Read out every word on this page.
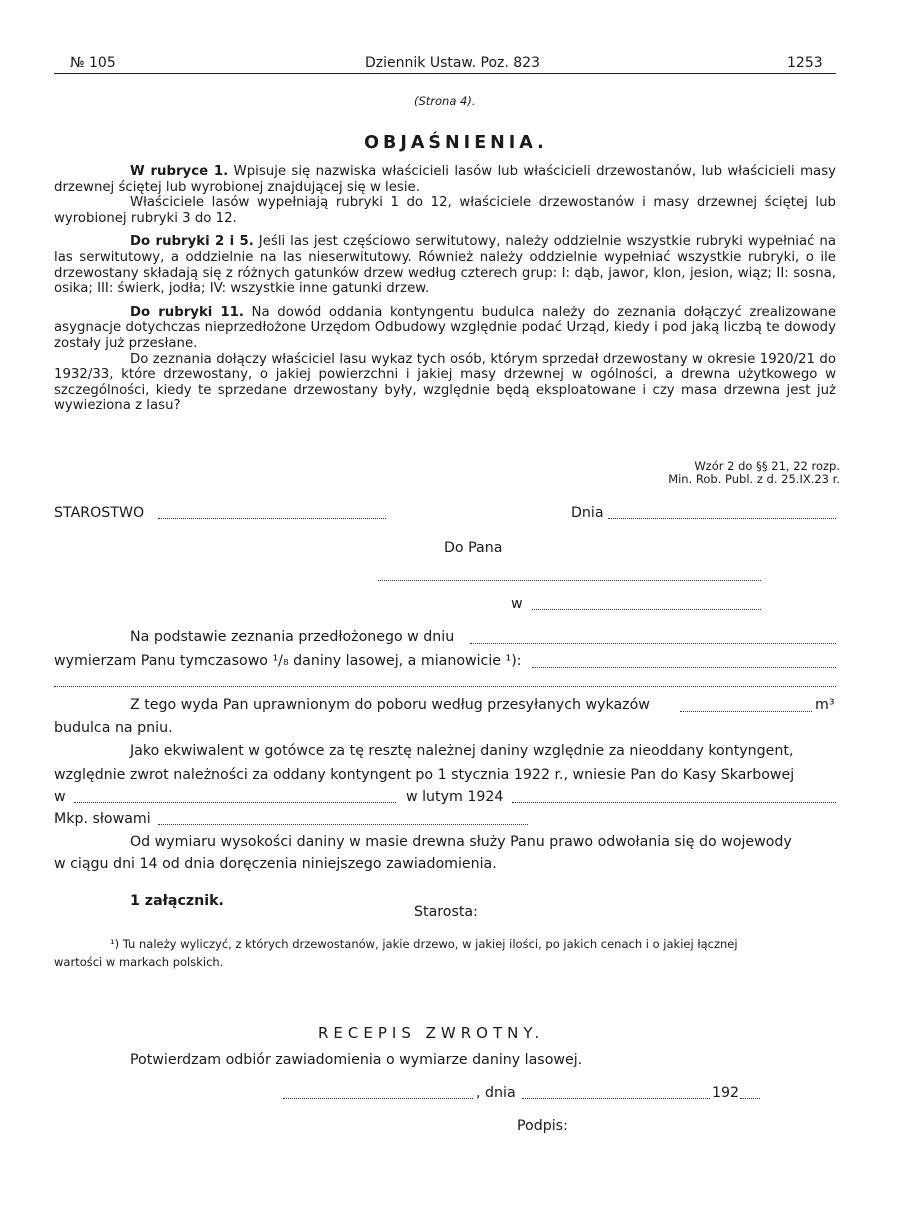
№ 105	Dziennik Ustaw. Poz. 823	1253
(Strona 4).
OBJAŚNIENIA.

W rubryce 1. Wpisuje się nazwiska właścicieli lasów lub właścicieli drzewostanów, lub właścicieli masy drzewnej ściętej lub wyrobionej znajdującej się w lesie.

Właściciele lasów wypełniają rubryki 1 do 12, właściciele drzewostanów i masy drzewnej ściętej lub wyrobionej rubryki 3 do 12.

Do rubryki 2 i 5. Jeśli las jest częściowo serwitutowy, należy oddzielnie wszystkie rubryki wypełniać na las serwitutowy, a oddzielnie na las nieserwitutowy. Również należy oddzielnie wypełniać wszystkie rubryki, o ile drzewostany składają się z różnych gatunków drzew według czterech grup: I: dąb, jawor, klon, jesion, wiąz; II: sosna, osika; III: świerk, jodła; IV: wszystkie inne gatunki drzew.

Do rubryki 11. Na dowód oddania kontyngentu budulca należy do zeznania dołączyć zrealizowane asygnacje dotychczas nieprzedłożone Urzędom Odbudowy względnie podać Urząd, kiedy i pod jaką liczbą te dowody zostały już przesłane.

Do zeznania dołączy właściciel lasu wykaz tych osób, którym sprzedał drzewostany w okresie 1920/21 do 1932/33, które drzewostany, o jakiej powierzchni i jakiej masy drzewnej w ogólności, a drewna użytkowego w szczególności, kiedy te sprzedane drzewostany były, względnie będą eksploatowane i czy masa drzewna jest już wywieziona z lasu?

Wzór 2 do §§ 21, 22 rozp.
Min. Rob. Publ. z d. 25.IX.23 r.
STAROSTWO	Dnia
Do Pana
w
Na podstawie zeznania przedłożonego w dniu
wymierzam Panu tymczasowo ¹/₈ daniny lasowej, a mianowicie ¹):
Z tego wyda Pan uprawnionym do poboru według przesyłanych wykazów	m³
budulca na pniu.
Jako ekwiwalent w gotówce za tę resztę należnej daniny względnie za nieoddany kontyngent,
względnie zwrot należności za oddany kontyngent po 1 stycznia 1922 r., wniesie Pan do Kasy Skarbowej
w	w lutym 1924
Mkp. słowami
Od wymiaru wysokości daniny w masie drewna służy Panu prawo odwołania się do wojewody
w ciągu dni 14 od dnia doręczenia niniejszego zawiadomienia.
1 załącznik.
Starosta:
¹) Tu należy wyliczyć, z których drzewostanów, jakie drzewo, w jakiej ilości, po jakich cenach i o jakiej łącznej
wartości w markach polskich.
RECEPIS ZWROTNY.
Potwierdzam odbiór zawiadomienia o wymiarze daniny lasowej.
, dnia	192
Podpis:
